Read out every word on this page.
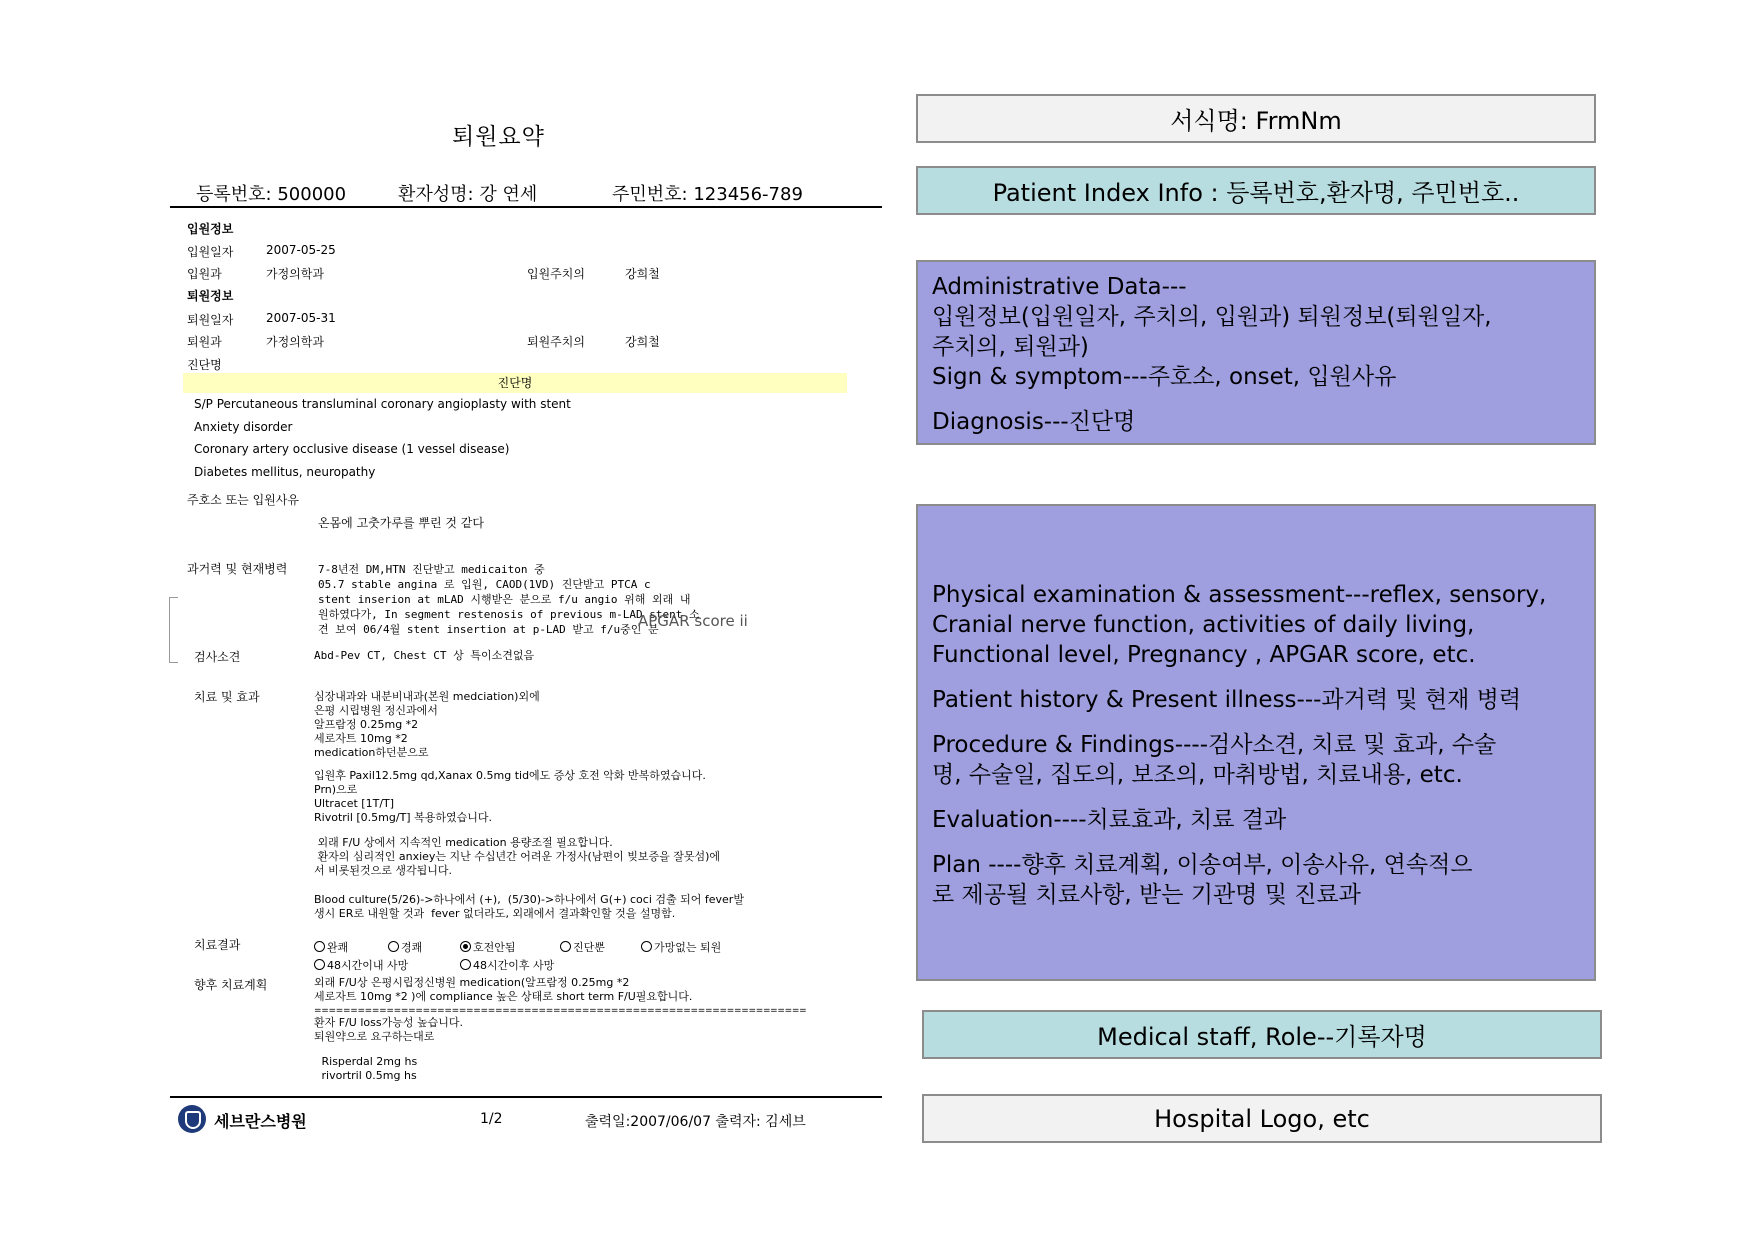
퇴원요약
등록번호: 500000	환자성명: 강 연세	주민번호: 123456-789
입원정보
입원일자	2007-05-25
입원과	가정의학과	입원주치의	강희철
퇴원정보
퇴원일자	2007-05-31
퇴원과	가정의학과	퇴원주치의	강희철
진단명
진단명
S/P Percutaneous transluminal coronary angioplasty with stent
Anxiety disorder
Coronary artery occlusive disease (1 vessel disease)
Diabetes mellitus, neuropathy
주호소 또는 입원사유
온몸에 고춧가루를 뿌린 것 같다
과거력 및 현재병력	7-8년전 DM,HTN 진단받고 medicaiton 중
05.7 stable angina 로 입원, CAOD(1VD) 진단받고 PTCA c
stent inserion at mLAD 시행받은 분으로 f/u angio 위해 외래 내
원하였다가, In segment restenosis of previous m-LAD stent 소
견 보여 06/4월 stent insertion at p-LAD 받고 f/u중인 분
APGAR score ii
검사소견	Abd-Pev CT, Chest CT 상 특이소견없음
치료 및 효과	심장내과와 내분비내과(본원 medciation)외에
은평 시립병원 정신과에서
알프람정 0.25mg *2
세로자트 10mg *2
medication하던분으로
입원후 Paxil12.5mg qd,Xanax 0.5mg tid에도 증상 호전 악화 반복하였습니다.
Prn)으로
Ultracet [1T/T]
Rivotril [0.5mg/T] 복용하였습니다.
외래 F/U 상에서 지속적인 medication 용량조절 필요합니다.
환자의 심리적인 anxiey는 지난 수십년간 어려운 가정사(남편이 빚보증을 잘못섬)에
서 비롯된것으로 생각됩니다.
Blood culture(5/26)->하나에서 (+),  (5/30)->하나에서 G(+) coci 검출 되어 fever발
생시 ER로 내원할 것과  fever 없더라도, 외래에서 결과확인할 것을 설명함.
치료결과	완쾌	경쾌	호전안됨	진단뿐	가망없는 퇴원
48시간이내 사망	48시간이후 사망
향후 치료계획	외래 F/U상 은평시립정신병원 medication(알프람정 0.25mg *2
세로자트 10mg *2 )에 compliance 높은 상태로 short term F/U필요합니다.
====================================================================
환자 F/U loss가능성 높습니다.
퇴원약으로 요구하는대로
Risperdal 2mg hs
rivortril 0.5mg hs
세브란스병원	1/2	출력일:2007/06/07 출력자: 김세브
서식명: FrmNm
Patient Index Info : 등록번호,환자명, 주민번호..
Administrative Data---
입원정보(입원일자, 주치의, 입원과) 퇴원정보(퇴원일자,
주치의, 퇴원과)
Sign & symptom---주호소, onset, 입원사유
Diagnosis---진단명
Physical examination & assessment---reflex, sensory,
Cranial nerve function, activities of daily living,
Functional level, Pregnancy , APGAR score, etc.
Patient history & Present illness---과거력 및 현재 병력
Procedure & Findings----검사소견, 치료 및 효과, 수술
명, 수술일, 집도의, 보조의, 마취방법, 치료내용, etc.
Evaluation----치료효과, 치료 결과
Plan ----향후 치료계획, 이송여부, 이송사유, 연속적으
로 제공될 치료사항, 받는 기관명 및 진료과
Medical staff, Role--기록자명
Hospital Logo, etc
